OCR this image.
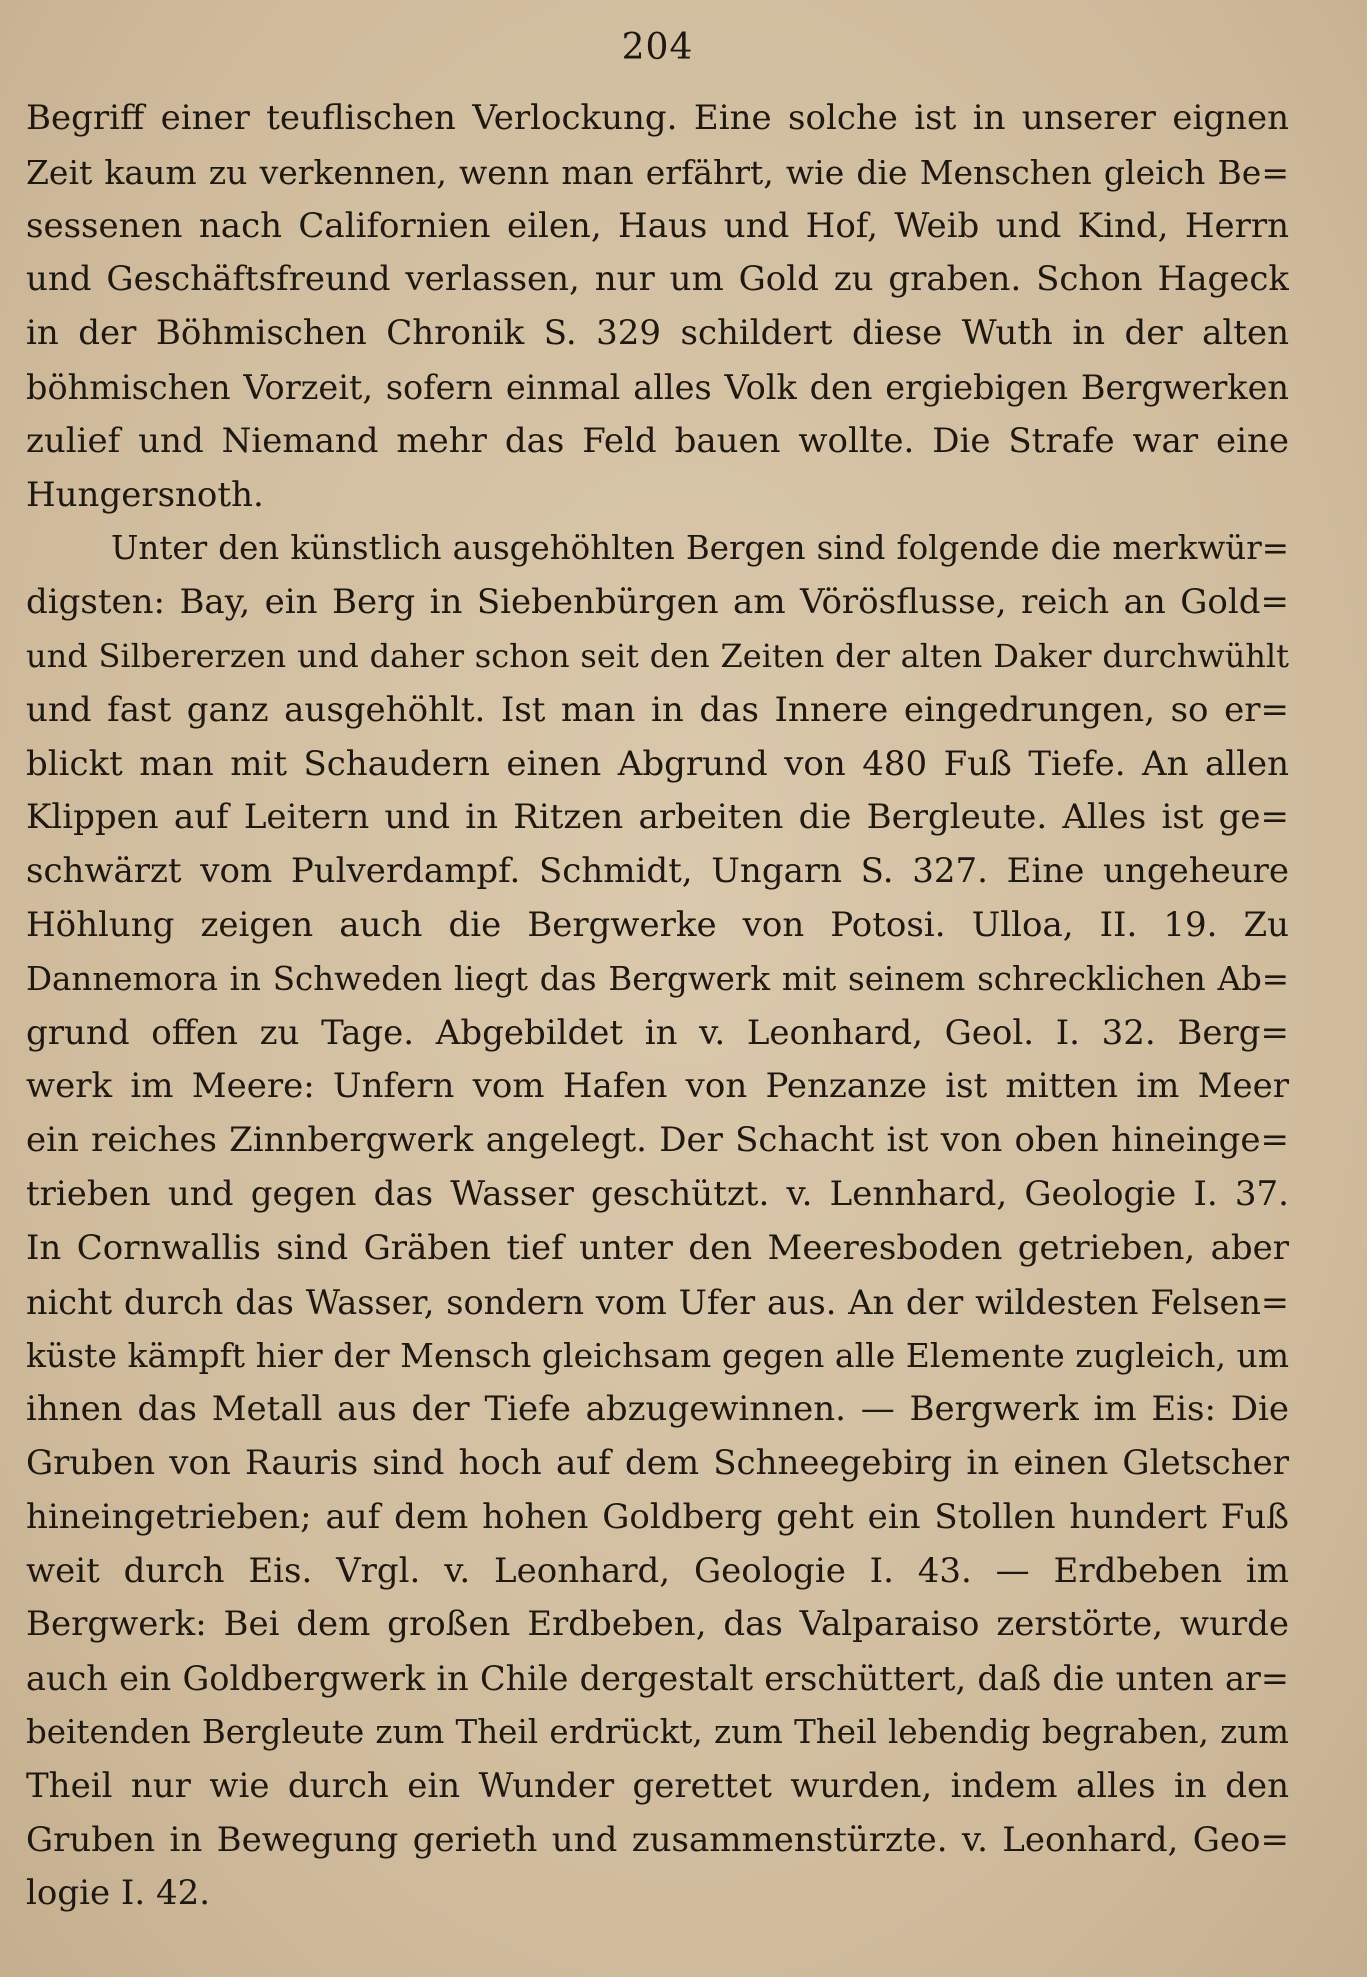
204
Begriff einer teuflischen Verlockung. Eine solche ist in unserer eignen
Zeit kaum zu verkennen, wenn man erfährt, wie die Menschen gleich Be=
sessenen nach Californien eilen, Haus und Hof, Weib und Kind, Herrn
und Geschäftsfreund verlassen, nur um Gold zu graben. Schon Hageck
in der Böhmischen Chronik S. 329 schildert diese Wuth in der alten
böhmischen Vorzeit, sofern einmal alles Volk den ergiebigen Bergwerken
zulief und Niemand mehr das Feld bauen wollte. Die Strafe war eine
Hungersnoth.
Unter den künstlich ausgehöhlten Bergen sind folgende die merkwür=
digsten: Bay, ein Berg in Siebenbürgen am Vörösflusse, reich an Gold=
und Silbererzen und daher schon seit den Zeiten der alten Daker durchwühlt
und fast ganz ausgehöhlt. Ist man in das Innere eingedrungen, so er=
blickt man mit Schaudern einen Abgrund von 480 Fuß Tiefe. An allen
Klippen auf Leitern und in Ritzen arbeiten die Bergleute. Alles ist ge=
schwärzt vom Pulverdampf. Schmidt, Ungarn S. 327. Eine ungeheure
Höhlung zeigen auch die Bergwerke von Potosi. Ulloa, II. 19. Zu
Dannemora in Schweden liegt das Bergwerk mit seinem schrecklichen Ab=
grund offen zu Tage. Abgebildet in v. Leonhard, Geol. I. 32. Berg=
werk im Meere: Unfern vom Hafen von Penzanze ist mitten im Meer
ein reiches Zinnbergwerk angelegt. Der Schacht ist von oben hineinge=
trieben und gegen das Wasser geschützt. v. Lennhard, Geologie I. 37.
In Cornwallis sind Gräben tief unter den Meeresboden getrieben, aber
nicht durch das Wasser, sondern vom Ufer aus. An der wildesten Felsen=
küste kämpft hier der Mensch gleichsam gegen alle Elemente zugleich, um
ihnen das Metall aus der Tiefe abzugewinnen. — Bergwerk im Eis: Die
Gruben von Rauris sind hoch auf dem Schneegebirg in einen Gletscher
hineingetrieben; auf dem hohen Goldberg geht ein Stollen hundert Fuß
weit durch Eis. Vrgl. v. Leonhard, Geologie I. 43. — Erdbeben im
Bergwerk: Bei dem großen Erdbeben, das Valparaiso zerstörte, wurde
auch ein Goldbergwerk in Chile dergestalt erschüttert, daß die unten ar=
beitenden Bergleute zum Theil erdrückt, zum Theil lebendig begraben, zum
Theil nur wie durch ein Wunder gerettet wurden, indem alles in den
Gruben in Bewegung gerieth und zusammenstürzte. v. Leonhard, Geo=
logie I. 42.
